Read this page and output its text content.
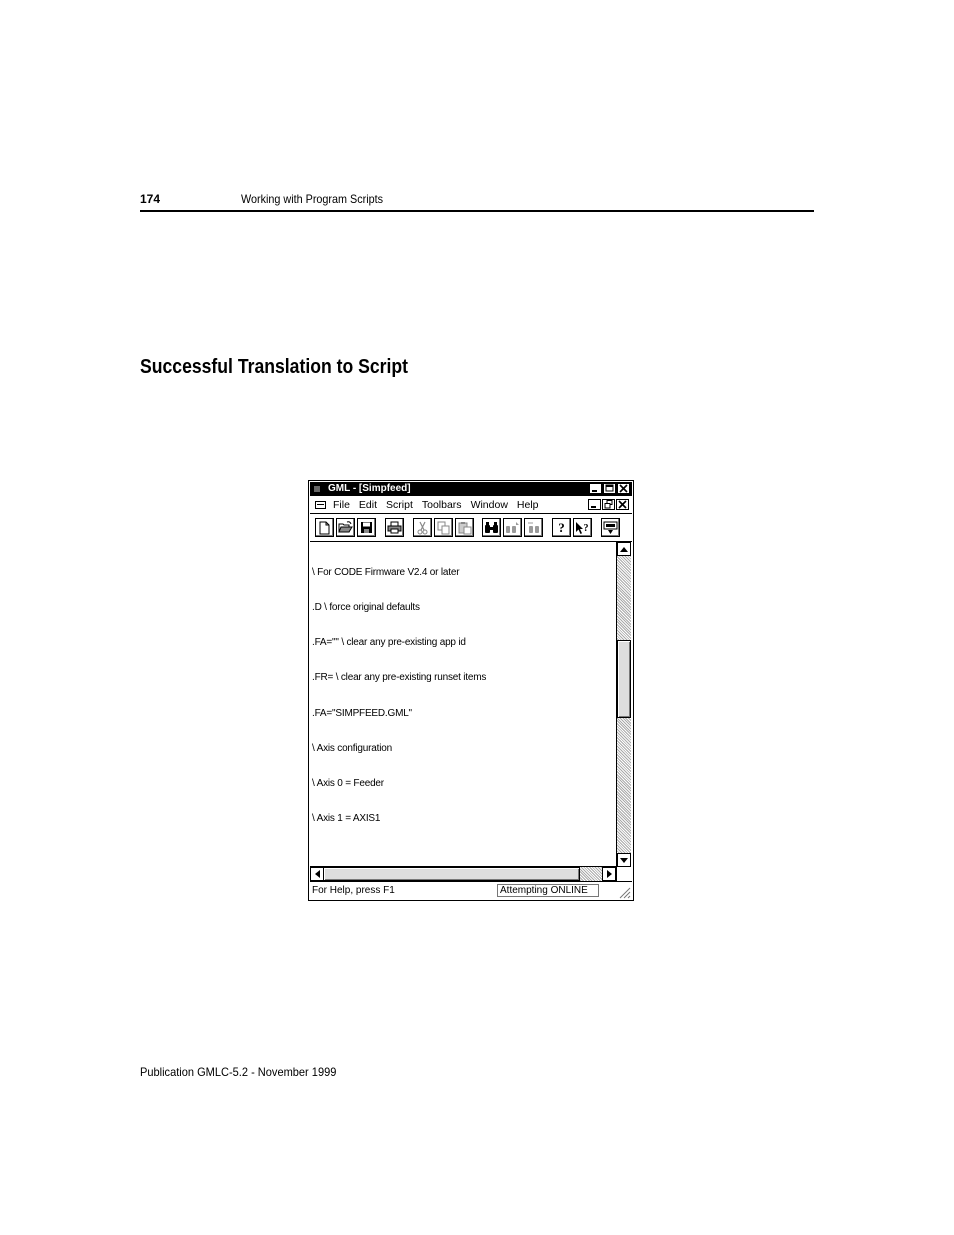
174	Working with Program Scripts
Successful Translation to Script
GML - [Simpfeed]
File Edit Script Toolbars Window Help
? ?

\ For CODE Firmware V2.4 or later

.D \ force original defaults

.FA="" \ clear any pre-existing app id

.FR= \ clear any pre-existing runset items

.FA="SIMPFEED.GML"

\ Axis configuration

\ Axis 0 = Feeder

\ Axis 1 = AXIS1

For Help, press F1	Attempting ONLINE
Publication GMLC-5.2 - November 1999
